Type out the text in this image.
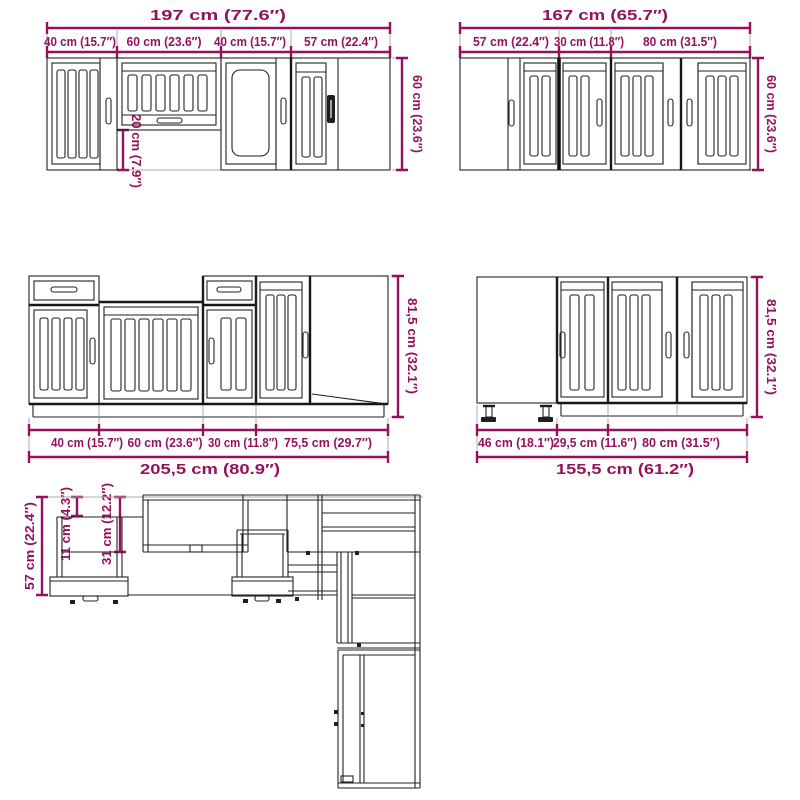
197 cm (77.6″)
40 cm (15.7″) 60 cm (23.6″) 40 cm (15.7″) 57 cm (22.4″)
60 cm (23.6″)
20 cm (7.9″)
167 cm (65.7″)
57 cm (22.4″) 30 cm (11.8″) 80 cm (31.5″)
60 cm (23.6″)
40 cm (15.7″) 60 cm (23.6″) 30 cm (11.8″) 75,5 cm (29.7″)
205,5 cm (80.9″)
81,5 cm (32.1″)
46 cm (18.1″) 29,5 cm (11.6″) 80 cm (31.5″)
155,5 cm (61.2″)
81,5 cm (32.1″)
57 cm (22.4″) 11 cm (4.3″) 31 cm (12.2″)
